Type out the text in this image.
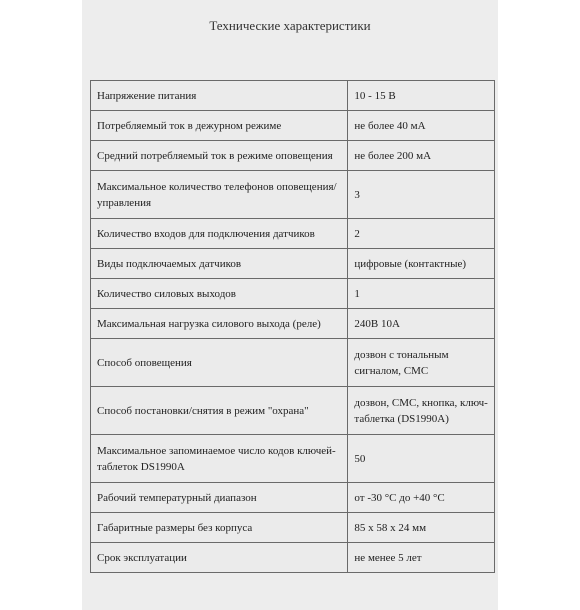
Технические характеристики
Напряжение питания	10 - 15 В
Потребляемый ток в дежурном режиме	не более 40 мА
Средний потребляемый ток в режиме оповещения	не более 200 мА
Максимальное количество телефонов оповещения/управления	3
Количество входов для подключения датчиков	2
Виды подключаемых датчиков	цифровые (контактные)
Количество силовых выходов	1
Максимальная нагрузка силового выхода (реле)	240В 10А
Способ оповещения	дозвон с тональным сигналом, СМС
Способ постановки/снятия в режим "охрана"	дозвон, СМС, кнопка, ключ-таблетка (DS1990A)
Максимальное запоминаемое число кодов ключей-таблеток DS1990A	50
Рабочий температурный диапазон	от -30 °С до +40 °С
Габаритные размеры без корпуса	85 х 58 х 24 мм
Срок эксплуатации	не менее 5 лет
